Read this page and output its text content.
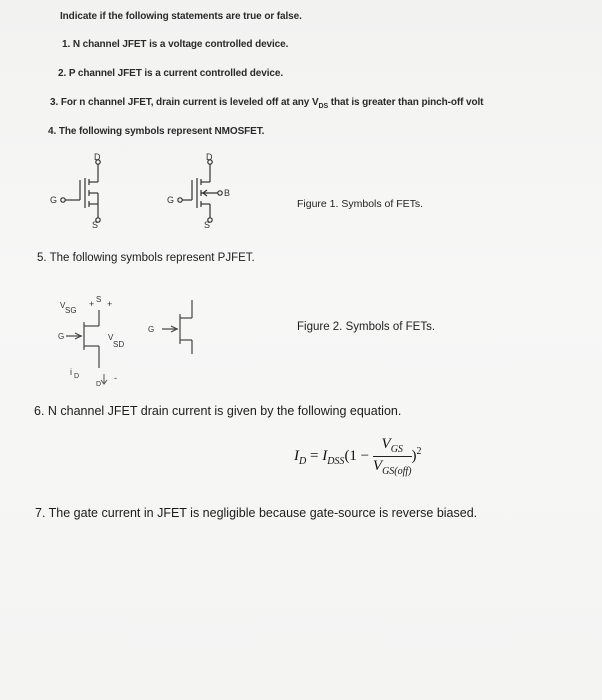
Indicate if the following statements are true or false.
1. N channel JFET is a voltage controlled device.
2. P channel JFET is a current controlled device.
3. For n channel JFET, drain current is leveled off at any $V_{DS}$ that is greater than pinch-off volt
4. The following symbols represent NMOSFET.
D
G
S
D
G
S
B
Figure 1. Symbols of FETs.
5. The following symbols represent PJFET.
V
SG
S
+ +
G	V
SD
i D
D
-
G	Figure 2. Symbols of FETs.
6. N channel JFET drain current is given by the following equation.
$I_D = I_{DSS}(1 - \frac{V_{GS}}{V_{GS(off)}} )^2$
7. The gate current in JFET is negligible because gate-source is reverse biased.
